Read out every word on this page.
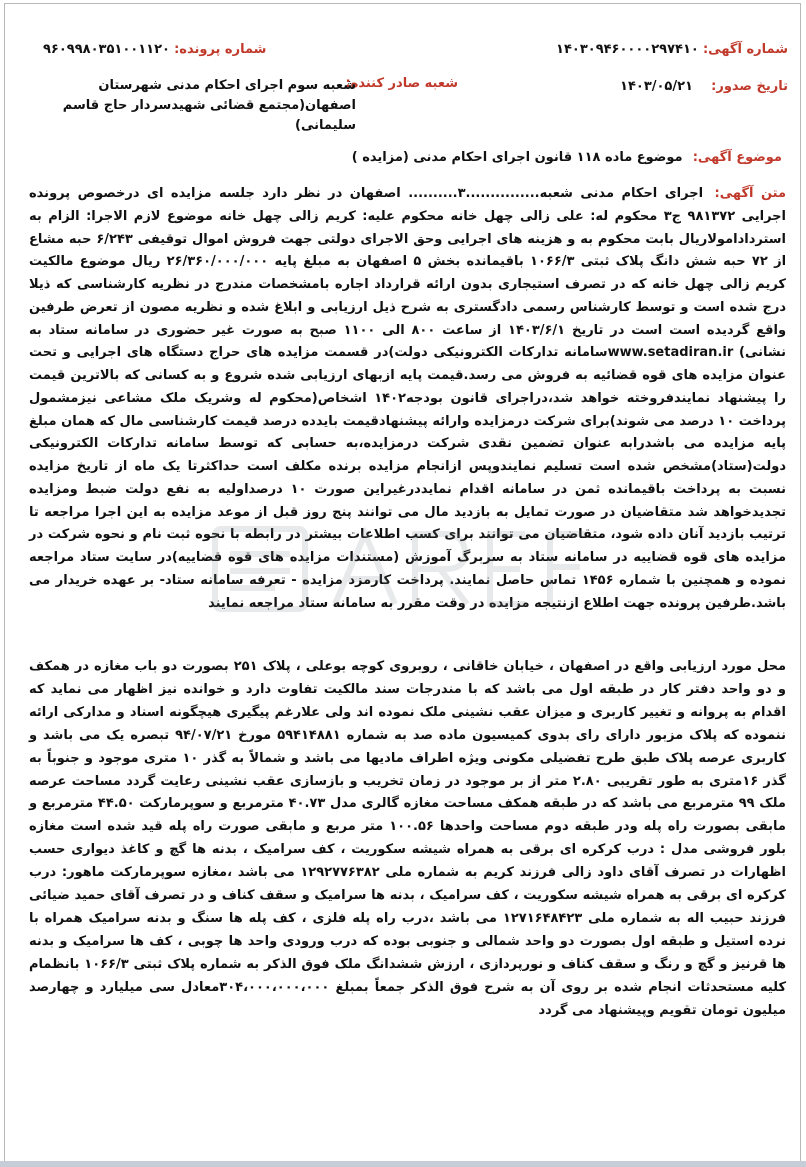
شماره آگهی: ۱۴۰۳۰۹۴۶۰۰۰۰۲۹۷۴۱۰
شماره پرونده: ۹۶۰۹۹۸۰۳۵۱۰۰۱۱۲۰
تاریخ صدور: ۱۴۰۳/۰۵/۲۱
شعبه صادر کننده:
شعبه سوم اجرای احکام مدنی شهرستان اصفهان(مجتمع قضائی شهیدسردار حاج قاسم سلیمانی)
موضوع آگهی: موضوع ماده ۱۱۸ قانون اجرای احکام مدنی (مزایده )
متن آگهی: اجرای احکام مدنی شعبه...............۳.......... اصفهان در نظر دارد جلسه مزایده ای درخصوص پرونده اجرایی ۹۸۱۳۷۲ ج۳ محکوم له: علی زالی چهل خانه محکوم علیه: کریم زالی چهل خانه موضوع لازم الاجرا: الزام به استردادامولاریال بابت محکوم به و هزینه های اجرایی وحق الاجرای دولتی جهت فروش اموال توقیفی ۶/۲۴۳ حبه مشاع از ۷۲ حبه شش دانگ پلاک ثبتی ۱۰۶۶/۳ باقیمانده بخش ۵ اصفهان به مبلغ پایه ۲۶/۳۶۰/۰۰۰/۰۰۰ ریال موضوع مالکیت کریم زالی چهل خانه که در تصرف استیجاری بدون ارائه قرارداد اجاره بامشخصات مندرج در نظریه کارشناسی که ذیلا درج شده است و توسط کارشناس رسمی دادگستری به شرح ذیل ارزیابی و ابلاغ شده و نظریه مصون از تعرض طرفین واقع گردیده است است در تاریخ ۱۴۰۳/۶/۱ از ساعت ۸۰۰ الی ۱۱۰۰ صبح به صورت غیر حضوری در سامانه ستاد به نشانی) www.setadiran.irسامانه تدارکات الکترونیکی دولت)در قسمت مزایده های حراج دستگاه های اجرایی و تحت عنوان مزایده های قوه قضائیه به فروش می رسد.قیمت پایه ازبهای ارزیابی شده شروع و به کسانی که بالاترین قیمت را پیشنهاد نمایندفروخته خواهد شد،دراجرای قانون بودجه۱۴۰۲ اشخاص(محکوم له وشریک ملک مشاعی نیزمشمول پرداخت ۱۰ درصد می شوند)برای شرکت درمزایده وارائه پیشنهادقیمت بایدده درصد قیمت کارشناسی مال که همان مبلغ پایه مزایده می باشدرابه عنوان تضمین نقدی شرکت درمزایده،به حسابی که توسط سامانه تدارکات الکترونیکی دولت(ستاد)مشخص شده است تسلیم نمایندوپس ازانجام مزایده برنده مکلف است حداکثرتا یک ماه از تاریخ مزایده نسبت به پرداخت باقیمانده ثمن در سامانه اقدام نمایددرغیراین صورت ۱۰ درصداولیه به نفع دولت ضبط ومزایده تجدیدخواهد شد متقاضیان در صورت تمایل به بازدید مال می توانند پنج روز قبل از موعد مزایده به این اجرا مراجعه تا ترتیب بازدید آنان داده شود، متقاضیان می توانند برای کسب اطلاعات بیشتر در رابطه با نحوه ثبت نام و نحوه شرکت در مزایده های قوه قضاییه در سامانه ستاد به سربرگ آموزش (مستندات مزایده های قوه قضاییه)در سایت ستاد مراجعه نموده و همچنین با شماره ۱۴۵۶ تماس حاصل نمایند. پرداخت کارمزد مزایده - تعرفه سامانه ستاد- بر عهده خریدار می باشد.طرفین پرونده جهت اطلاع ازنتیجه مزایده در وقت مقرر به سامانه ستاد مراجعه نمایند
محل مورد ارزیابی واقع در اصفهان ، خیابان خاقانی ، روبروی کوچه بوعلی ، پلاک ۲۵۱ بصورت دو باب مغازه در همکف و دو واحد دفتر کار در طبقه اول می باشد که با مندرجات سند مالکیت تفاوت دارد و خوانده نیز اظهار می نماید که اقدام به پروانه و تغییر کاربری و میزان عقب نشینی ملک نموده اند ولی علارغم پیگیری هیچگونه اسناد و مدارکی ارائه ننموده که پلاک مزبور دارای رای بدوی کمیسیون ماده صد به شماره ۵۹۴۱۴۸۸۱ مورخ ۹۴/۰۷/۲۱ تبصره یک می باشد و کاربری عرصه پلاک طبق طرح تفضیلی مکونی ویژه اطراف مادیها می باشد و شمالاً به گذر ۱۰ متری موجود و جنوباً به گذر ۱۶متری به طور تقریبی ۲.۸۰ متر از بر موجود در زمان تخریب و بازسازی عقب نشینی رعایت گردد مساحت عرصه ملک ۹۹ مترمربع می باشد که در طبقه همکف مساحت مغازه گالری مدل ۴۰.۷۳ مترمربع و سوپرمارکت ۴۴.۵۰ مترمربع و مابقی بصورت راه پله ودر طبقه دوم مساحت واحدها ۱۰۰.۵۶ متر مربع و مابقی صورت راه پله قید شده است مغازه بلور فروشی مدل : درب کرکره ای برقی به همراه شیشه سکوریت ، کف سرامیک ، بدنه ها گچ و کاغذ دیواری حسب اظهارات در تصرف آقای داود زالی فرزند کریم به شماره ملی ۱۲۹۲۷۷۶۳۸۲ می باشد ،مغازه سوپرمارکت ماهور: درب کرکره ای برقی به همراه شیشه سکوریت ، کف سرامیک ، بدنه ها سرامیک و سقف کناف و در تصرف آقای حمید ضیائی فرزند حبیب اله به شماره ملی ۱۲۷۱۶۴۸۴۲۳ می باشد ،درب راه پله فلزی ، کف پله ها سنگ و بدنه سرامیک همراه با نرده استیل و طبقه اول بصورت دو واحد شمالی و جنوبی بوده که درب ورودی واحد ها چوبی ، کف ها سرامیک و بدنه ها قرنیز و گچ و رنگ و سقف کناف و نورپردازی ، ارزش ششدانگ ملک فوق الذکر به شماره پلاک ثبتی ۱۰۶۶/۳ بانظمام کلیه مستحدثات انجام شده بر روی آن به شرح فوق الذکر جمعاً بمبلغ ۳۰۴،۰۰۰،۰۰۰،۰۰۰معادل سی میلیارد و چهارصد میلیون تومان تقویم وپیشنهاد می گردد
